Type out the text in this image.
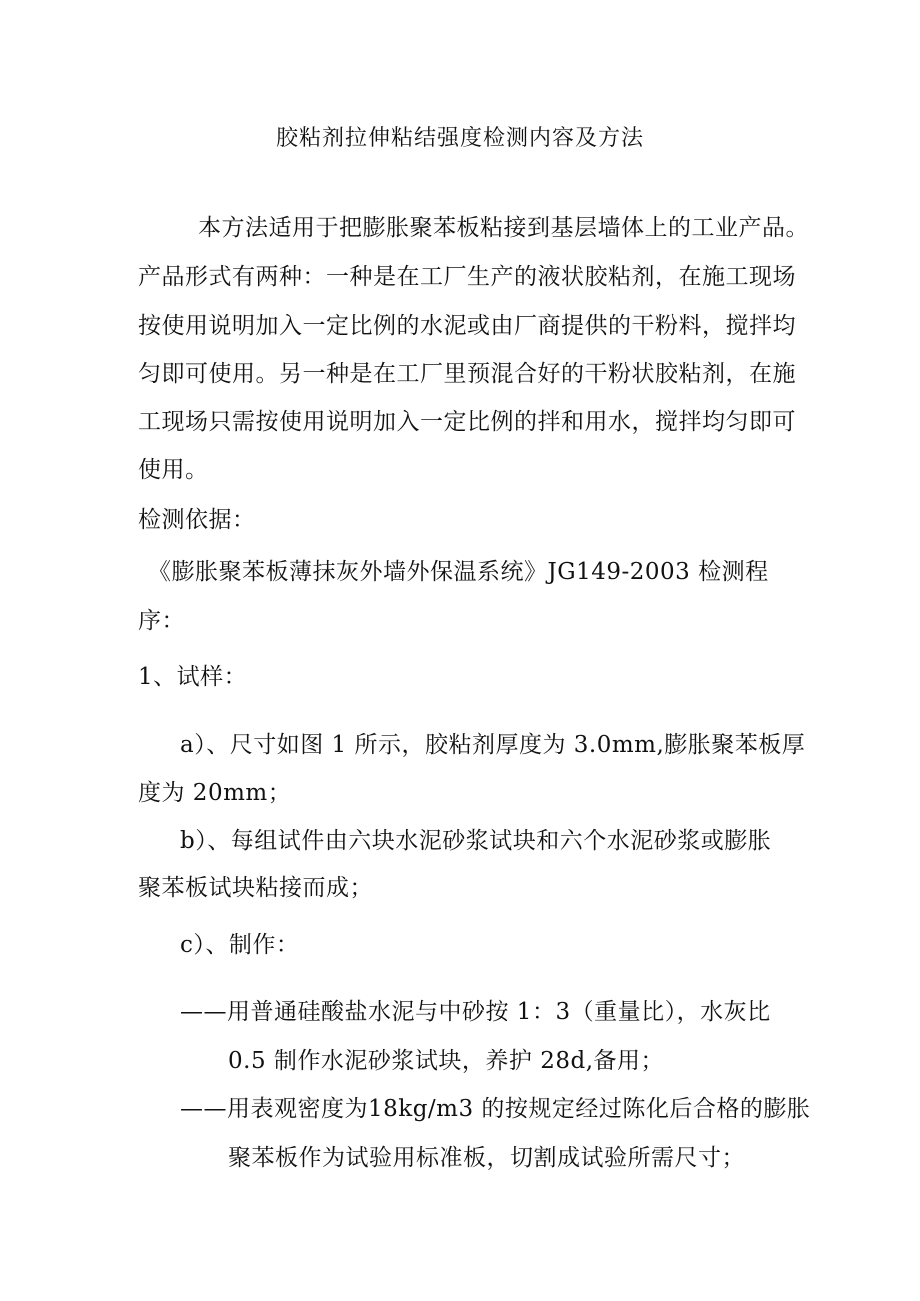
胶粘剂拉伸粘结强度检测内容及方法
本方法适用于把膨胀聚苯板粘接到基层墙体上的工业产品。
产品形式有两种：一种是在工厂生产的液状胶粘剂，在施工现场
按使用说明加入一定比例的水泥或由厂商提供的干粉料，搅拌均
匀即可使用。另一种是在工厂里预混合好的干粉状胶粘剂，在施
工现场只需按使用说明加入一定比例的拌和用水，搅拌均匀即可
使用。
检测依据：
《膨胀聚苯板薄抹灰外墙外保温系统》JG149-2003 检测程
序：
1、试样：
a）、尺寸如图 1 所示，胶粘剂厚度为 3.0mm,膨胀聚苯板厚
度为 20mm；
b）、每组试件由六块水泥砂浆试块和六个水泥砂浆或膨胀
聚苯板试块粘接而成；
c）、制作：
——用普通硅酸盐水泥与中砂按 1：3（重量比），水灰比
0.5 制作水泥砂浆试块，养护 28d,备用；
——用表观密度为18kg/m3 的按规定经过陈化后合格的膨胀
聚苯板作为试验用标准板，切割成试验所需尺寸；
